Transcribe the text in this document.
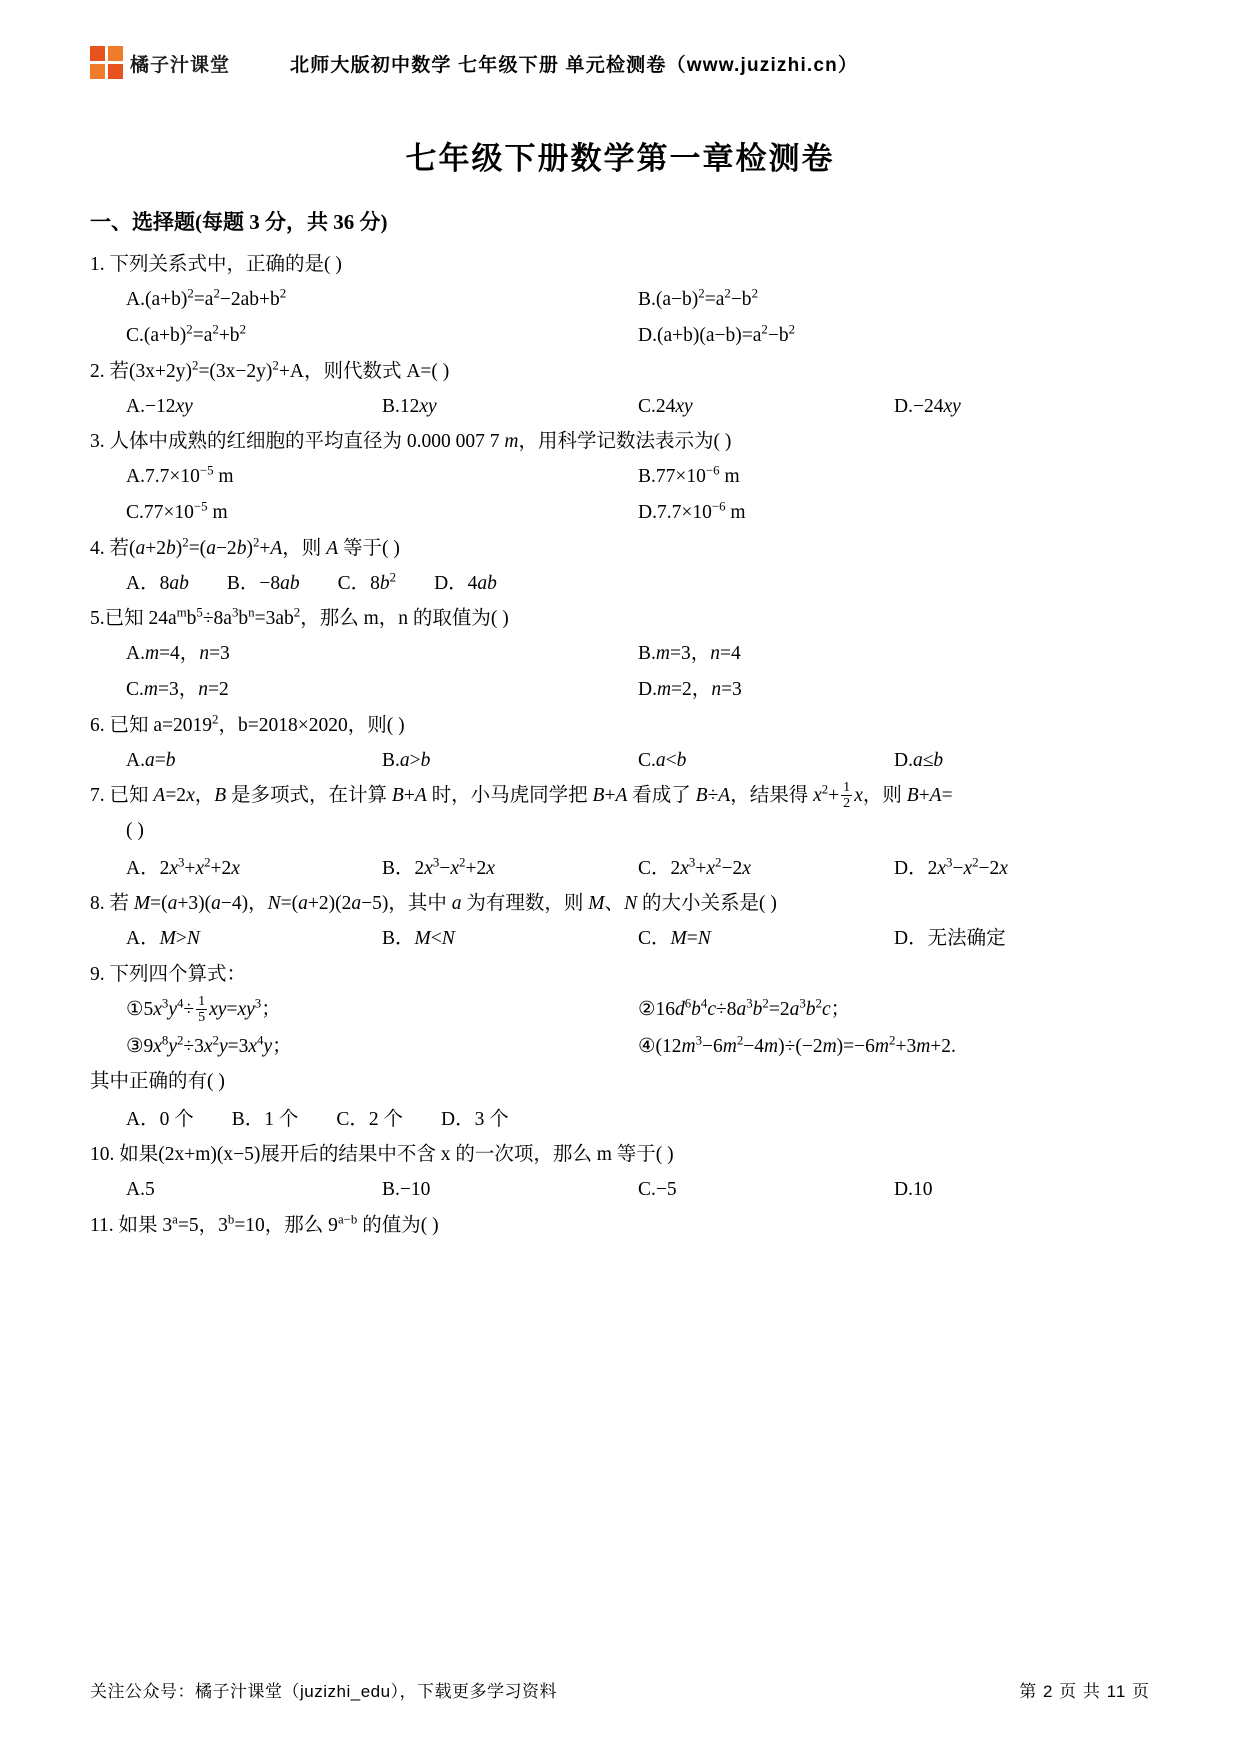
橘子汁课堂	北师大版初中数学 七年级下册 单元检测卷（www.juzizhi.cn）
七年级下册数学第一章检测卷
一、选择题(每题 3 分，共 36 分)
1. 下列关系式中，正确的是( )
$A.(a+b)^2=a^2-2ab+b^2$	$B.(a-b)^2=a^2-b^2$
$C.(a+b)^2=a^2+b^2$	$D.(a+b)(a-b)=a^2-b^2$
2. 若$(3x+2y)^2=(3x-2y)^2+A$，则代数式 A=( )
A.−12xy	B.12xy	C.24xy	D.−24xy
3. 人体中成熟的红细胞的平均直径为 0.000 007 7 m，用科学记数法表示为( )
$A.7.7\times 10^{-5}$ m	$B.77\times 10^{-6}$ m
$C.77\times 10^{-5}$ m	$D.7.7\times 10^{-6}$ m
4. 若$(a+2b)^2=(a-2b)^2+A$，则 A 等于( )
A．8ab B．−8ab C．$8b^2$ D．4ab
5.已知 $24a^mb^5\div 8a^3b^n=3ab^2$，那么 m，n 的取值为( )
A.m=4，n=3	B.m=3，n=4
C.m=3，n=2	D.m=2，n=3
6. 已知 $a=2019^2$，b=2018×2020，则( )
A.a=b	B.a>b	C.a<b	D.a≤b
7. 已知 A=2x，B 是多项式，在计算 B+A 时，小马虎同学把 B+A 看成了 B÷A，结果得 $x^2+ \frac{1}{2}$ x，则 B+A=
( )
A．$2x^3+x^2+2x$	B．$2x^3-x^2+2x$	C．$2x^3+x^2-2x$	D．$2x^3-x^2-2x$
8. 若 M=(a+3)(a−4)，N=(a+2)(2a−5)，其中 a 为有理数，则 M、N 的大小关系是( )
A．M>N	B．M<N	C．M=N	D．无法确定
9. 下列四个算式：
$①5x^3y^4\div \frac{1}{5} xy=xy^3$；	$②16d^6b^4c\div 8a^3b^2=2a^3b^2c$；
$③9x^8y^2\div 3x^2y=3x^4y$；	$④(12m^3-6m^2-4m)\div(-2m)=-6m^2+3m+2$.
其中正确的有( )
A．0 个 B．1 个 C．2 个 D．3 个
10. 如果(2x+m)(x−5)展开后的结果中不含 x 的一次项，那么 m 等于( )
A.5	B.−10	C.−5	D.10
11. 如果 $3^a=5$，$3^b=10$，那么 $9^{a-b}$ 的值为( )
关注公众号：橘子汁课堂（juzizhi_edu），下载更多学习资料	第 2 页 共 11 页
